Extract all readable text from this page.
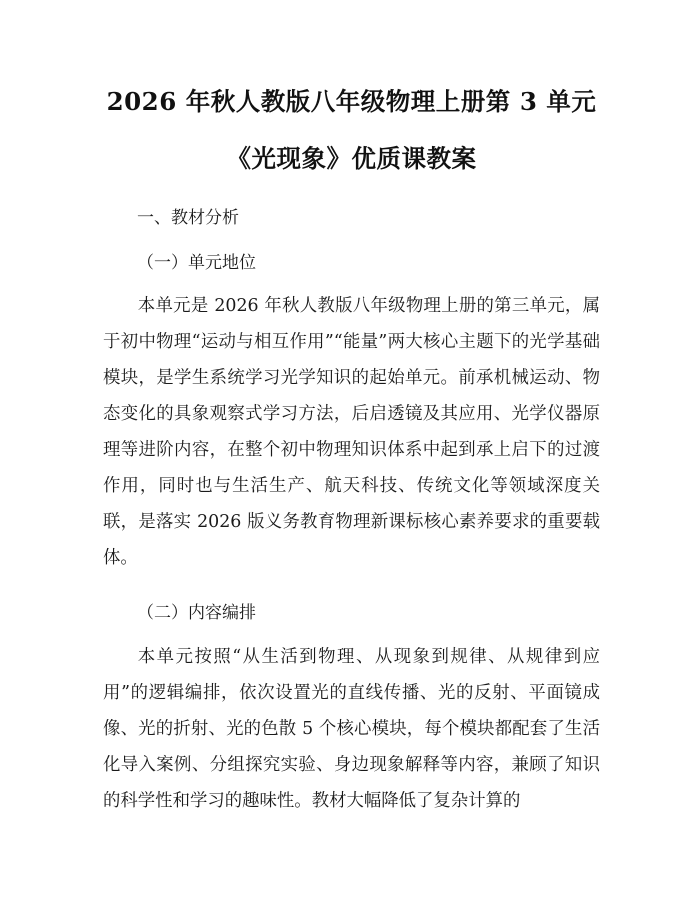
2026 年秋人教版八年级物理上册第 3 单元
《光现象》优质课教案
一、教材分析
（一）单元地位

本单元是 2026 年秋人教版八年级物理上册的第三单元，属于初中物理“运动与相互作用”“能量”两大核心主题下的光学基础模块，是学生系统学习光学知识的起始单元。前承机械运动、物态变化的具象观察式学习方法，后启透镜及其应用、光学仪器原理等进阶内容，在整个初中物理知识体系中起到承上启下的过渡作用，同时也与生活生产、航天科技、传统文化等领域深度关联，是落实 2026 版义务教育物理新课标核心素养要求的重要载体。

（二）内容编排

本单元按照“从生活到物理、从现象到规律、从规律到应用”的逻辑编排，依次设置光的直线传播、光的反射、平面镜成像、光的折射、光的色散 5 个核心模块，每个模块都配套了生活化导入案例、分组探究实验、身边现象解释等内容，兼顾了知识的科学性和学习的趣味性。教材大幅降低了复杂计算的
